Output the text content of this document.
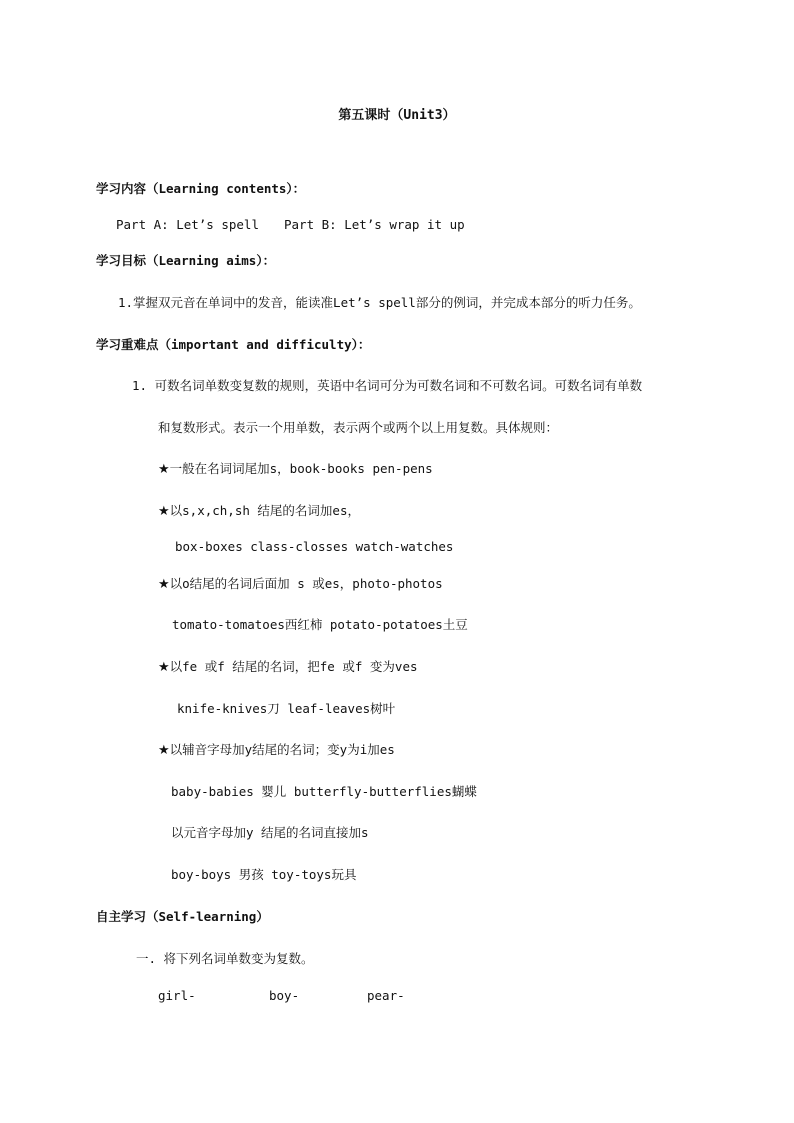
第五课时（Unit3）
学习内容（Learning contents）：
Part A: Let’s spell Part B: Let’s wrap it up
学习目标（Learning aims）：
1.掌握双元音在单词中的发音，能读准Let’s spell部分的例词，并完成本部分的听力任务。
学习重难点（important and difficulty）：
1. 可数名词单数变复数的规则，英语中名词可分为可数名词和不可数名词。可数名词有单数
和复数形式。表示一个用单数，表示两个或两个以上用复数。具体规则：
★一般在名词词尾加s，book-books pen-pens
★以s,x,ch,sh 结尾的名词加es，
box-boxes class-closses watch-watches
★以o结尾的名词后面加 s 或es，photo-photos
tomato-tomatoes西红柿 potato-potatoes土豆
★以fe 或f 结尾的名词，把fe 或f 变为ves
knife-knives刀 leaf-leaves树叶
★以辅音字母加y结尾的名词；变y为i加es
baby-babies 婴儿 butterfly-butterflies蝴蝶
以元音字母加y 结尾的名词直接加s
boy-boys 男孩 toy-toys玩具
自主学习（Self-learning）
一. 将下列名词单数变为复数。
girl-	boy-	pear-
